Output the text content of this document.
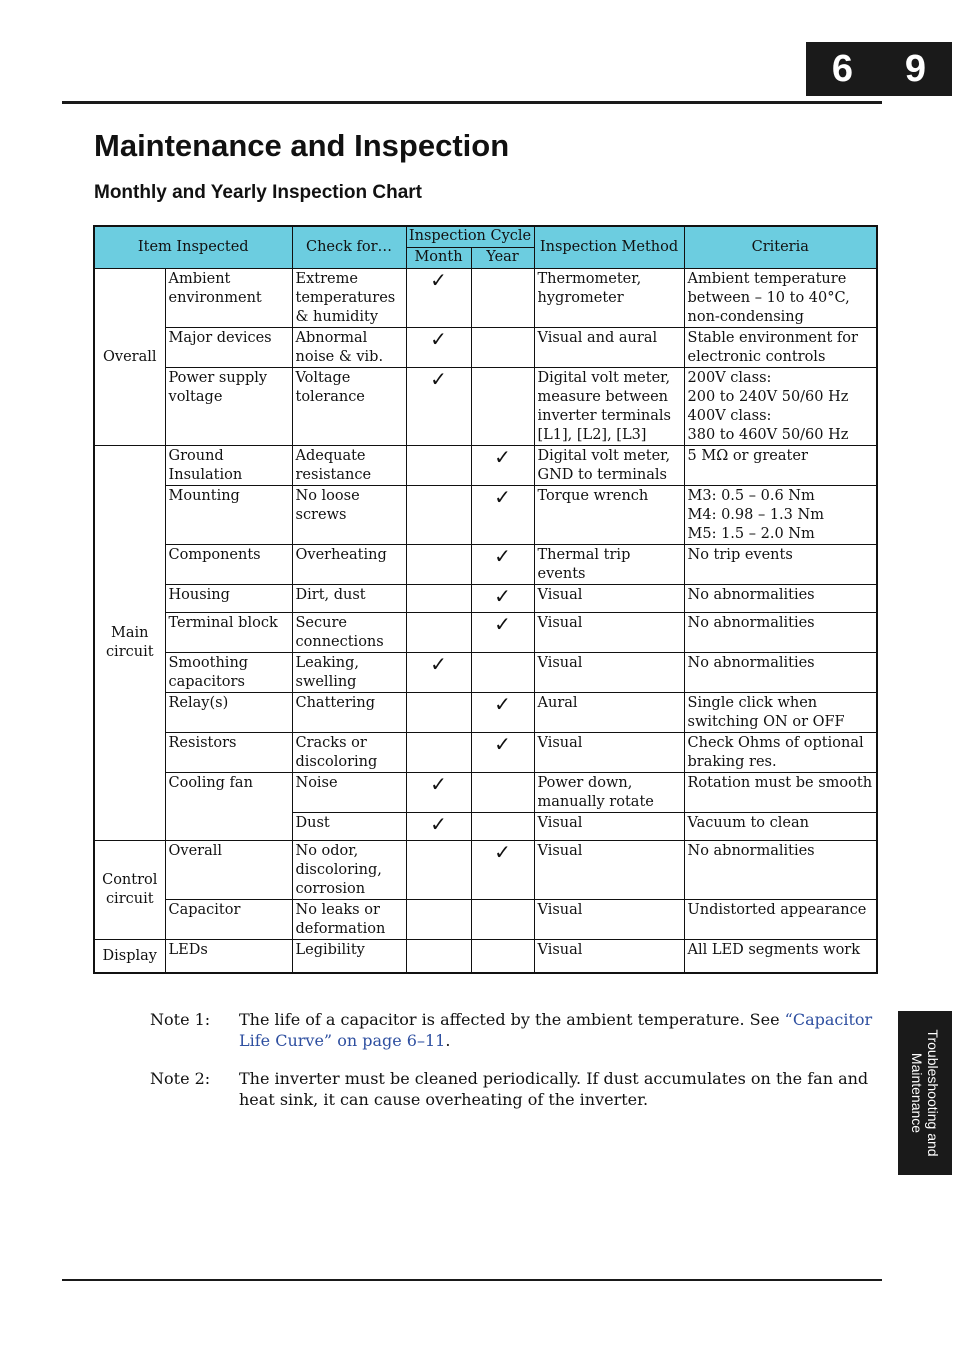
6 9
Maintenance and Inspection
Monthly and Yearly Inspection Chart
Item Inspected		Check for…	Inspection Cycle		Inspection Method	Criteria
			Month	Year		
Overall	Ambient environment	Extreme temperatures & humidity	✓		Thermometer, hygrometer	Ambient temperature between – 10 to 40°C, non-condensing
	Major devices	Abnormal noise & vib.	✓		Visual and aural	Stable environment for electronic controls
	Power supply voltage	Voltage tolerance	✓		Digital volt meter, measure between inverter terminals [L1], [L2], [L3]	200V class:
200 to 240V 50/60 Hz
400V class:
380 to 460V 50/60 Hz
Main circuit	Ground Insulation	Adequate resistance		✓	Digital volt meter, GND to terminals	5 MΩ or greater
	Mounting	No loose screws		✓	Torque wrench	M3: 0.5 – 0.6 Nm
M4: 0.98 – 1.3 Nm
M5: 1.5 – 2.0 Nm
	Components	Overheating		✓	Thermal trip events	No trip events
	Housing	Dirt, dust		✓	Visual	No abnormalities
	Terminal block	Secure connections		✓	Visual	No abnormalities
	Smoothing capacitors	Leaking, swelling	✓		Visual	No abnormalities
	Relay(s)	Chattering		✓	Aural	Single click when switching ON or OFF
	Resistors	Cracks or discoloring		✓	Visual	Check Ohms of optional braking res.
	Cooling fan	Noise	✓		Power down, manually rotate	Rotation must be smooth
		Dust	✓		Visual	Vacuum to clean
Control circuit	Overall	No odor, discoloring, corrosion		✓	Visual	No abnormalities
	Capacitor	No leaks or deformation			Visual	Undistorted appearance
Display	LEDs	Legibility			Visual	All LED segments work
Note 1:	The life of a capacitor is affected by the ambient temperature. See “Capacitor Life Curve” on page 6–11.
Note 2:	The inverter must be cleaned periodically. If dust accumulates on the fan and heat sink, it can cause overheating of the inverter.	Troubleshooting and Maintenance
